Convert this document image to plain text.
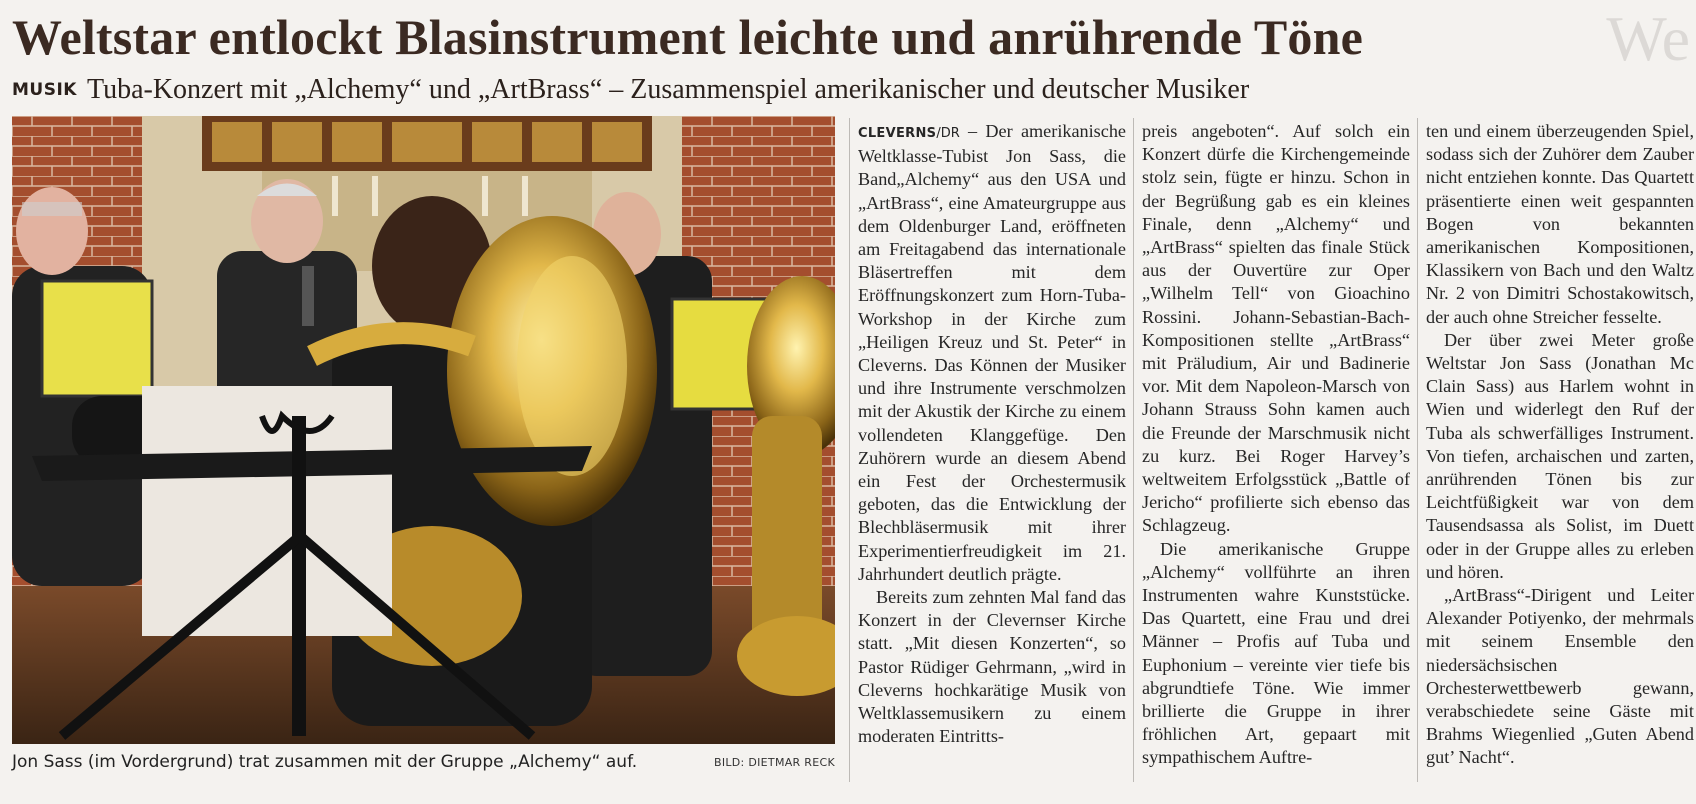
We
Weltstar entlockt Blasinstrument leichte und anrührende Töne
MUSIK Tuba-Konzert mit „Alchemy“ und „ArtBrass“ – Zusammenspiel amerikanischer und deutscher Musiker
Jon Sass (im Vordergrund) trat zusammen mit der Gruppe „Alchemy“ auf.	BILD: DIETMAR RECK

CLEVERNS/DR – Der amerikanische Weltklasse-Tubist Jon Sass, die Band„Alchemy“ aus den USA und „ArtBrass“, eine Amateurgruppe aus dem Oldenburger Land, eröffneten am Freitagabend das internationale Bläsertreffen mit dem Eröffnungskonzert zum Horn-Tuba-Workshop in der Kirche zum „Heiligen Kreuz und St. Peter“ in Cleverns. Das Können der Musiker und ihre Instrumente verschmolzen mit der Akustik der Kirche zu einem vollendeten Klanggefüge. Den Zuhörern wurde an diesem Abend ein Fest der Orchestermusik geboten, das die Entwicklung der Blechbläsermusik mit ihrer Experimentierfreudigkeit im 21. Jahrhundert deutlich prägte.

Bereits zum zehnten Mal fand das Konzert in der Clevernser Kirche statt. „Mit diesen Konzerten“, so Pastor Rüdiger Gehrmann, „wird in Cleverns hochkarätige Musik von Weltklassemusikern zu einem moderaten Eintritts-

preis angeboten“. Auf solch ein Konzert dürfe die Kirchengemeinde stolz sein, fügte er hinzu. Schon in der Begrüßung gab es ein kleines Finale, denn „Alchemy“ und „ArtBrass“ spielten das finale Stück aus der Ouvertüre zur Oper „Wilhelm Tell“ von Gioachino Rossini. Johann-Sebastian-Bach-Kompositionen stellte „ArtBrass“ mit Präludium, Air und Badinerie vor. Mit dem Napoleon-Marsch von Johann Strauss Sohn kamen auch die Freunde der Marschmusik nicht zu kurz. Bei Roger Harvey’s weltweitem Erfolgsstück „Battle of Jericho“ profilierte sich ebenso das Schlagzeug.

Die amerikanische Gruppe „Alchemy“ vollführte an ihren Instrumenten wahre Kunststücke. Das Quartett, eine Frau und drei Männer – Profis auf Tuba und Euphonium – vereinte vier tiefe bis abgrundtiefe Töne. Wie immer brillierte die Gruppe in ihrer fröhlichen Art, gepaart mit sympathischem Auftre-

ten und einem überzeugenden Spiel, sodass sich der Zuhörer dem Zauber nicht entziehen konnte. Das Quartett präsentierte einen weit gespannten Bogen von bekannten amerikanischen Kompositionen, Klassikern von Bach und den Waltz Nr. 2 von Dimitri Schostakowitsch, der auch ohne Streicher fesselte.

Der über zwei Meter große Weltstar Jon Sass (Jonathan Mc Clain Sass) aus Harlem wohnt in Wien und widerlegt den Ruf der Tuba als schwerfälliges Instrument. Von tiefen, archaischen und zarten, anrührenden Tönen bis zur Leichtfüßigkeit war von dem Tausendsassa als Solist, im Duett oder in der Gruppe alles zu erleben und hören.

„ArtBrass“-Dirigent und Leiter Alexander Potiyenko, der mehrmals mit seinem Ensemble den niedersächsischen Orchesterwettbewerb gewann, verabschiedete seine Gäste mit Brahms Wiegenlied „Guten Abend gut’ Nacht“.
